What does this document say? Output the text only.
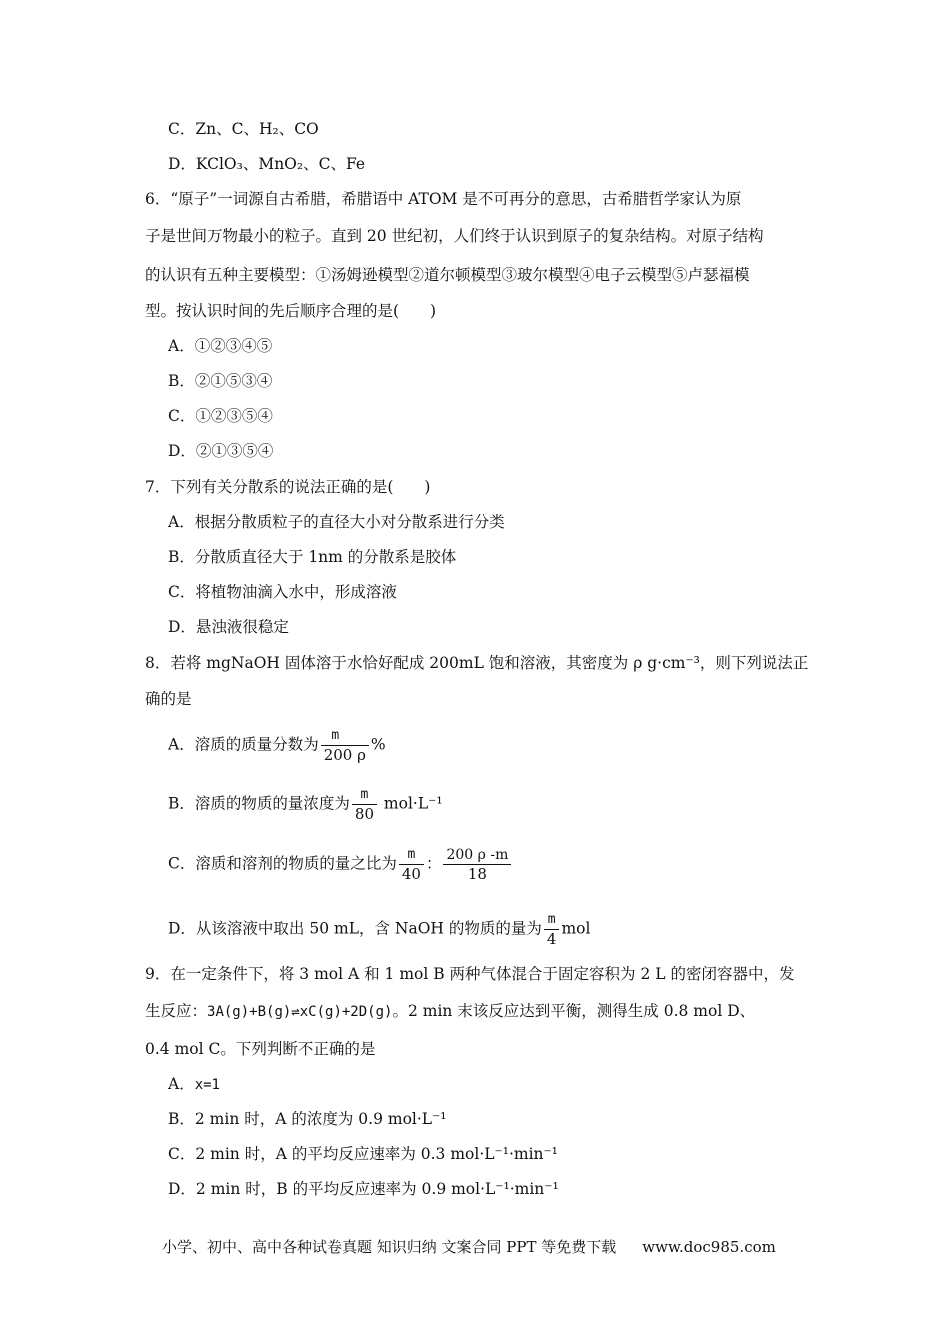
C．Zn、C、H₂、CO
D．KClO₃、MnO₂、C、Fe
6．“原子”一词源自古希腊，希腊语中 ATOM 是不可再分的意思，古希腊哲学家认为原
子是世间万物最小的粒子。直到 20 世纪初，人们终于认识到原子的复杂结构。对原子结构
的认识有五种主要模型：①汤姆逊模型②道尔顿模型③玻尔模型④电子云模型⑤卢瑟福模
型。按认识时间的先后顺序合理的是(　　)
A．①②③④⑤
B．②①⑤③④
C．①②③⑤④
D．②①③⑤④
7．下列有关分散系的说法正确的是(　　)
A．根据分散质粒子的直径大小对分散系进行分类
B．分散质直径大于 1nm 的分散系是胶体
C．将植物油滴入水中，形成溶液
D．悬浊液很稳定
8．若将 mgNaOH 固体溶于水恰好配成 200mL 饱和溶液，其密度为 ρ g·cm⁻³，则下列说法正
确的是
A．溶质的质量分数为 $\frac{m}{200 \rho}$ %
B．溶质的物质的量浓度为 $\frac{m}{80} mol\cdot L^{-1}$
C．溶质和溶剂的物质的量之比为 $\frac{m}{40}$ ： $\frac{200 \rho -m}{18}$
D．从该溶液中取出 50 mL，含 NaOH 的物质的量为 $\frac{m}{4}$ mol
9．在一定条件下，将 3 mol A 和 1 mol B 两种气体混合于固定容积为 2 L 的密闭容器中，发
生反应：3A(g)+B(g)⇌xC(g)+2D(g)。2 min 末该反应达到平衡，测得生成 0.8 mol D、
0.4 mol C。下列判断不正确的是
A．x=1
B．2 min 时，A 的浓度为 0.9 mol·L⁻¹
C．2 min 时，A 的平均反应速率为 0.3 mol·L⁻¹·min⁻¹
D．2 min 时，B 的平均反应速率为 0.9 mol·L⁻¹·min⁻¹
小学、初中、高中各种试卷真题 知识归纳 文案合同 PPT 等免费下载 www.doc985.com
